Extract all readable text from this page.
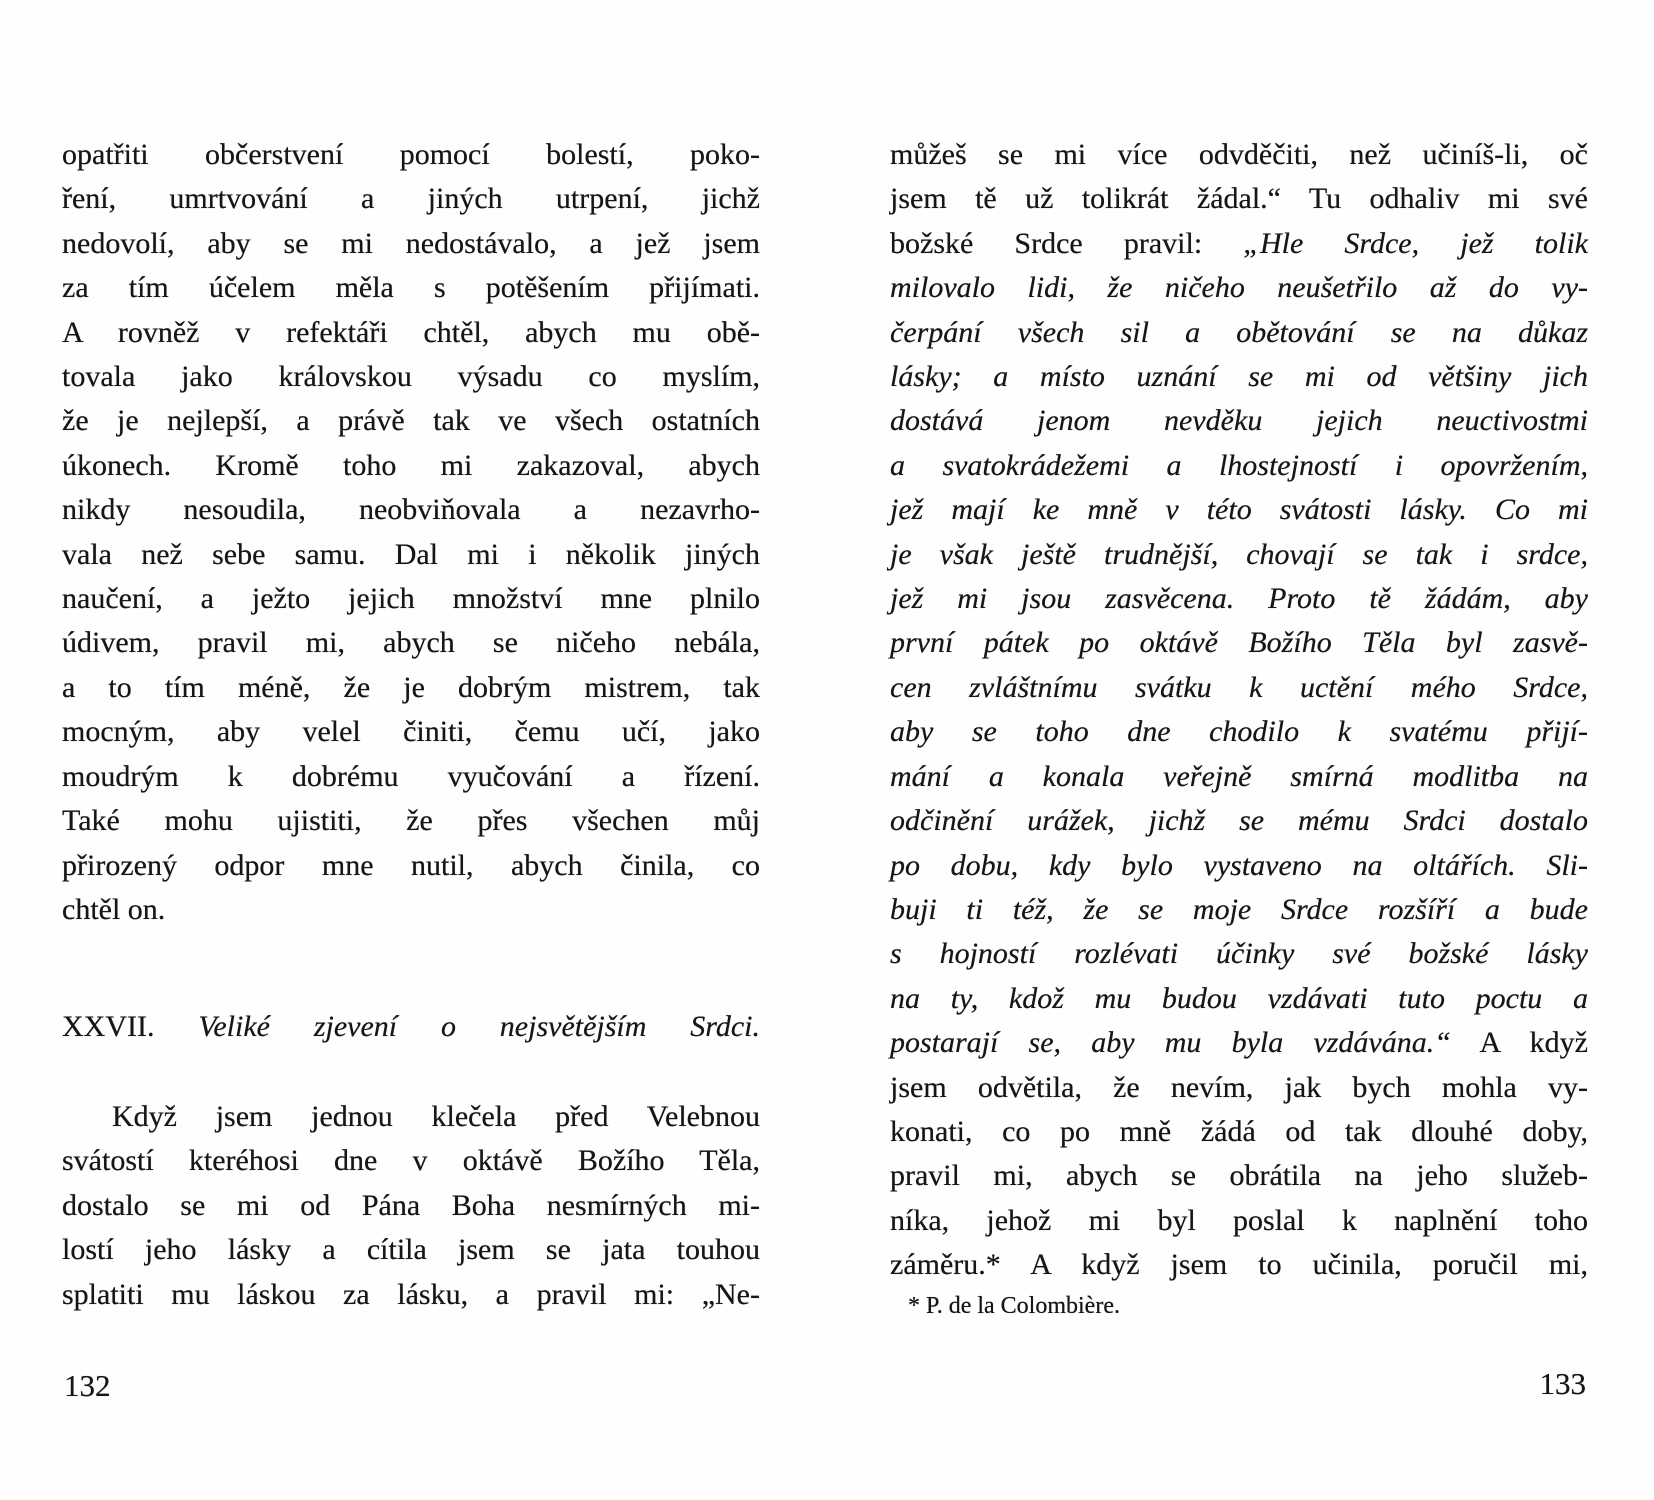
opatřiti občerstvení pomocí bolestí, poko-
ření, umrtvování a jiných utrpení, jichž
nedovolí, aby se mi nedostávalo, a jež jsem
za tím účelem měla s potěšením přijímati.
A rovněž v refektáři chtěl, abych mu obě-
tovala jako královskou výsadu co myslím,
že je nejlepší, a právě tak ve všech ostatních
úkonech. Kromě toho mi zakazoval, abych
nikdy nesoudila, neobviňovala a nezavrho-
vala než sebe samu. Dal mi i několik jiných
naučení, a ježto jejich množství mne plnilo
údivem, pravil mi, abych se ničeho nebála,
a to tím méně, že je dobrým mistrem, tak
mocným, aby velel činiti, čemu učí, jako
moudrým k dobrému vyučování a řízení.
Také mohu ujistiti, že přes všechen můj
přirozený odpor mne nutil, abych činila, co
chtěl on.
XXVII. Veliké zjevení o nejsvětějším Srdci.
Když jsem jednou klečela před Velebnou
svátostí kteréhosi dne v oktávě Božího Těla,
dostalo se mi od Pána Boha nesmírných mi-
lostí jeho lásky a cítila jsem se jata touhou
splatiti mu láskou za lásku, a pravil mi: „Ne-
132
můžeš se mi více odvděčiti, než učiníš-li, oč
jsem tě už tolikrát žádal.“ Tu odhaliv mi své
božské Srdce pravil: „Hle Srdce, jež tolik
milovalo lidi, že ničeho neušetřilo až do vy-
čerpání všech sil a obětování se na důkaz
lásky; a místo uznání se mi od většiny jich
dostává jenom nevděku jejich neuctivostmi
a svatokrádežemi a lhostejností i opovržením,
jež mají ke mně v této svátosti lásky. Co mi
je však ještě trudnější, chovají se tak i srdce,
jež mi jsou zasvěcena. Proto tě žádám, aby
první pátek po oktávě Božího Těla byl zasvě-
cen zvláštnímu svátku k uctění mého Srdce,
aby se toho dne chodilo k svatému přijí-
mání a konala veřejně smírná modlitba na
odčinění urážek, jichž se mému Srdci dostalo
po dobu, kdy bylo vystaveno na oltářích. Sli-
buji ti též, že se moje Srdce rozšíří a bude
s hojností rozlévati účinky své božské lásky
na ty, kdož mu budou vzdávati tuto poctu a
postarají se, aby mu byla vzdávána.“ A když
jsem odvětila, že nevím, jak bych mohla vy-
konati, co po mně žádá od tak dlouhé doby,
pravil mi, abych se obrátila na jeho služeb-
níka, jehož mi byl poslal k naplnění toho
záměru.* A když jsem to učinila, poručil mi,
* P. de la Colombière.
133
